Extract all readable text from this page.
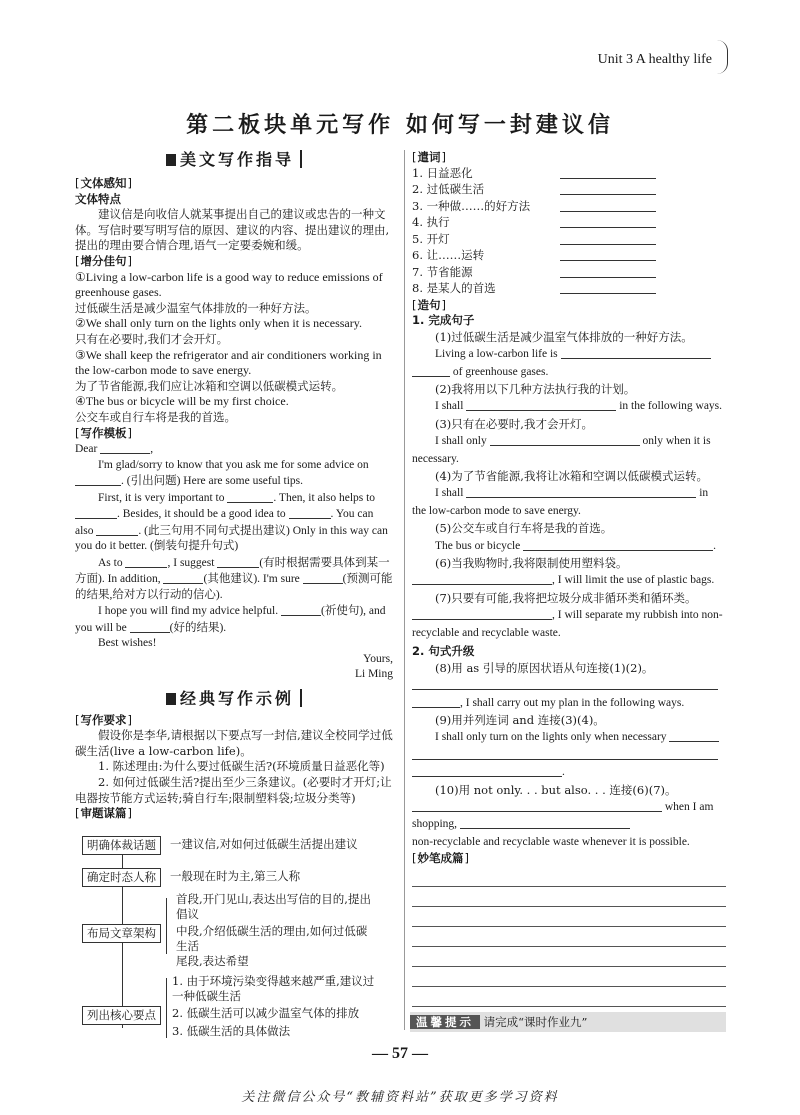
Unit 3 A healthy life
第二板块单元写作 如何写一封建议信
美文写作指导
[ 文体感知 ]
文体特点

建议信是向收信人就某事提出自己的建议或忠告的一种文体。写信时要写明写信的原因、建议的内容、提出建议的理由,提出的理由要合情合理,语气一定要委婉和缓。

[ 增分佳句 ]

①Living a low-carbon life is a good way to reduce emissions of greenhouse gases.

过低碳生活是减少温室气体排放的一种好方法。

②We shall only turn on the lights only when it is necessary.

只有在必要时,我们才会开灯。

③We shall keep the refrigerator and air conditioners working in the low-carbon mode to save energy.

为了节省能源,我们应让冰箱和空调以低碳模式运转。

④The bus or bicycle will be my first choice.

公交车或自行车将是我的首选。

[ 写作模板 ]

Dear	,

I'm glad/sorry to know that you ask me for some advice on . (引出问题) Here are some useful tips.

First, it is very important to	. Then, it also helps to . Besides, it should be a good idea to	. You can also	. (此三句用不同句式提出建议) Only in this way can you do it better. (倒装句提升句式)

As to	, I suggest	(有时根据需要具体到某一方面). In addition,	(其他建议). I'm sure	(预测可能的结果,给对方以行动的信心).

I hope you will find my advice helpful.	(祈使句), and you will be	(好的结果).

Best wishes!

Yours,

Li Ming

经典写作示例
[ 写作要求 ]

假设你是李华,请根据以下要点写一封信,建议全校同学过低碳生活(live a low-carbon life)。

1. 陈述理由:为什么要过低碳生活?(环境质量日益恶化等)

2. 如何过低碳生活?提出至少三条建议。(必要时才开灯;让电器按节能方式运转;骑自行车;限制塑料袋;垃圾分类等)

[ 审题谋篇 ]
明确体裁话题	一建议信,对如何过低碳生活提出建议
确定时态人称	一般现在时为主,第三人称
布局文章架构
首段,开门见山,表达出写信的目的,提出倡议
中段,介绍低碳生活的理由,如何过低碳生活
尾段,表达希望
列出核心要点
1. 由于环境污染变得越来越严重,建议过一种低碳生活
2. 低碳生活可以减少温室气体的排放
3. 低碳生活的具体做法
[ 遣词 ]
1. 日益恶化
2. 过低碳生活
3. 一种做……的好方法
4. 执行
5. 开灯
6. 让……运转
7. 节省能源
8. 是某人的首选
[ 造句 ]
1. 完成句子

(1)过低碳生活是减少温室气体排放的一种好方法。

Living a low-carbon life is

of greenhouse gases.

(2)我将用以下几种方法执行我的计划。

I shall	in the following ways.

(3)只有在必要时,我才会开灯。

I shall only	only when it is necessary.

(4)为了节省能源,我将让冰箱和空调以低碳模式运转。

I shall	in

the low-carbon mode to save energy.

(5)公交车或自行车将是我的首选。

The bus or bicycle	.

(6)当我购物时,我将限制使用塑料袋。

, I will limit the use of plastic bags.

(7)只要有可能,我将把垃圾分成非循环类和循环类。

, I will separate my rubbish into non-recyclable and recyclable waste.

2. 句式升级

(8)用 as 引导的原因状语从句连接(1)(2)。

, I shall carry out my plan in the following ways.

(9)用并列连词 and 连接(3)(4)。

I shall only turn on the lights only when necessary

.

(10)用 not only. . . but also. . . 连接(6)(7)。

when I am shopping,

non-recyclable and recyclable waste whenever it is possible.

[ 妙笔成篇 ]
温馨提示 请完成“课时作业九”
— 57 —
关注微信公众号“教辅资料站”获取更多学习资料
